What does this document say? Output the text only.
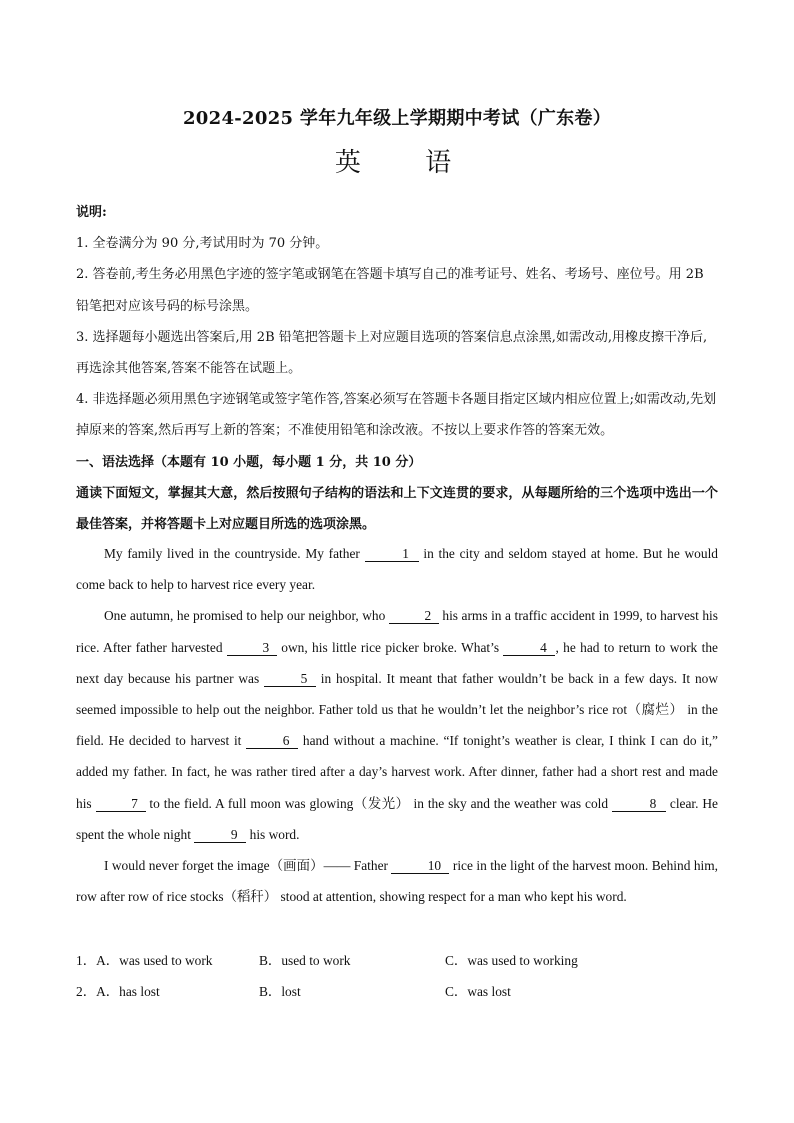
2024-2025 学年九年级上学期期中考试（广东卷）
英 语

说明:

1. 全卷满分为 90 分,考试用时为 70 分钟。

2. 答卷前,考生务必用黑色字迹的签字笔或钢笔在答题卡填写自己的准考证号、姓名、考场号、座位号。用 2B 铅笔把对应该号码的标号涂黑。

3. 选择题每小题选出答案后,用 2B 铅笔把答题卡上对应题目选项的答案信息点涂黑,如需改动,用橡皮擦干净后,再选涂其他答案,答案不能答在试题上。

4. 非选择题必须用黑色字迹钢笔或签字笔作答,答案必须写在答题卡各题目指定区域内相应位置上;如需改动,先划掉原来的答案,然后再写上新的答案；不准使用铅笔和涂改液。不按以上要求作答的答案无效。

一、语法选择（本题有 10 小题，每小题 1 分，共 10 分）

通读下面短文，掌握其大意，然后按照句子结构的语法和上下文连贯的要求，从每题所给的三个选项中选出一个最佳答案，并将答题卡上对应题目所选的选项涂黑。

My family lived in the countryside. My father	1 in the city and seldom stayed at home. But he would come back to help to harvest rice every year.

One autumn, he promised to help our neighbor, who	2 his arms in a traffic accident in 1999, to harvest his rice. After father harvested	3 own, his little rice picker broke. What’s	4 , he had to return to work the next day because his partner was	5 in hospital. It meant that father wouldn’t be back in a few days. It now seemed impossible to help out the neighbor. Father told us that he wouldn’t let the neighbor’s rice rot（腐烂） in the field. He decided to harvest it	6 hand without a machine. “If tonight’s weather is clear, I think I can do it,” added my father. In fact, he was rather tired after a day’s harvest work. After dinner, father had a short rest and made his	7 to the field. A full moon was glowing（发光） in the sky and the weather was cold	8 clear. He spent the whole night	9 his word.

I would never forget the image（画面）—— Father	10 rice in the light of the harvest moon. Behind him, row after row of rice stocks（稻秆） stood at attention, showing respect for a man who kept his word.

1．A．was used to work	B．used to work	C．was used to working
2．A．has lost	B．lost	C．was lost
